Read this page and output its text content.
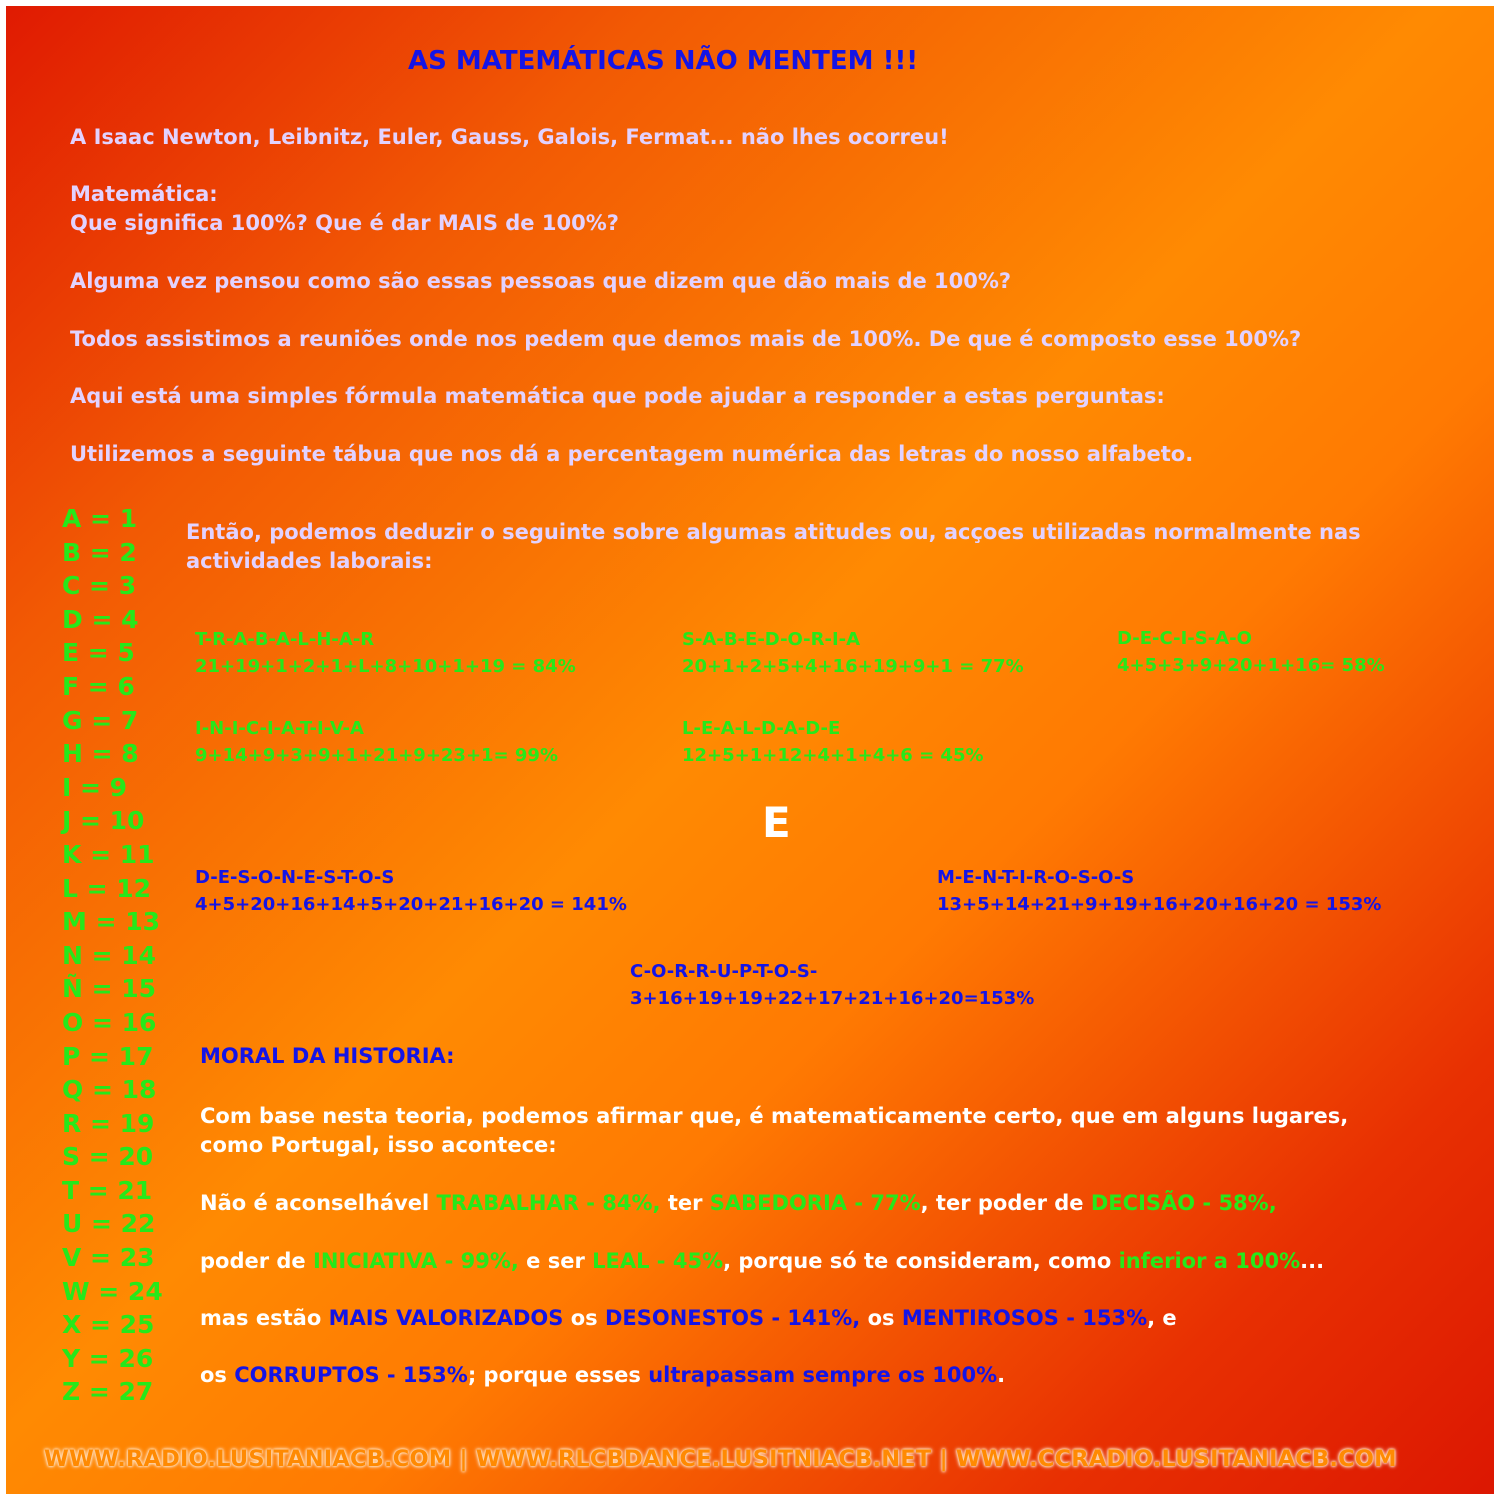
AS MATEMÁTICAS NÃO MENTEM !!!
A Isaac Newton, Leibnitz, Euler, Gauss, Galois, Fermat... não lhes ocorreu!
Matemática:
Que significa 100%? Que é dar MAIS de 100%?
Alguma vez pensou como são essas pessoas que dizem que dão mais de 100%?
Todos assistimos a reuniões onde nos pedem que demos mais de 100%. De que é composto esse 100%?
Aqui está uma simples fórmula matemática que pode ajudar a responder a estas perguntas:
Utilizemos a seguinte tábua que nos dá a percentagem numérica das letras do nosso alfabeto.
A = 1
B = 2
C = 3
D = 4
E = 5
F = 6
G = 7
H = 8
I = 9
J = 10
K = 11
L = 12
M = 13
N = 14
Ñ = 15
O = 16
P = 17
Q = 18
R = 19
S = 20
T = 21
U = 22
V = 23
W = 24
X = 25
Y = 26
Z = 27
Então, podemos deduzir o seguinte sobre algumas atitudes ou, acçoes utilizadas normalmente nas
actividades laborais:
T-R-A-B-A-L-H-A-R
21+19+1+2+1+L+8+10+1+19 = 84%
S-A-B-E-D-O-R-I-A
20+1+2+5+4+16+19+9+1 = 77%
D-E-C-I-S-A-O
4+5+3+9+20+1+16= 58%
I-N-I-C-I-A-T-I-V-A
9+14+9+3+9+1+21+9+23+1= 99%
L-E-A-L-D-A-D-E
12+5+1+12+4+1+4+6 = 45%
E
D-E-S-O-N-E-S-T-O-S
4+5+20+16+14+5+20+21+16+20 = 141%
M-E-N-T-I-R-O-S-O-S
13+5+14+21+9+19+16+20+16+20 = 153%
C-O-R-R-U-P-T-O-S-
3+16+19+19+22+17+21+16+20=153%
MORAL DA HISTORIA:
Com base nesta teoria, podemos afirmar que, é matematicamente certo, que em alguns lugares,
como Portugal, isso acontece:
Não é aconselhável TRABALHAR - 84%, ter SABEDORIA - 77%, ter poder de DECISÃO - 58%,
poder de INICIATIVA - 99%, e ser LEAL - 45%, porque só te consideram, como inferior a 100%...
mas estão MAIS VALORIZADOS os DESONESTOS - 141%, os MENTIROSOS - 153%, e
os CORRUPTOS - 153%; porque esses ultrapassam sempre os 100%.
WWW.RADIO.LUSITANIACB.COM | WWW.RLCBDANCE.LUSITNIACB.NET | WWW.CCRADIO.LUSITANIACB.COM
